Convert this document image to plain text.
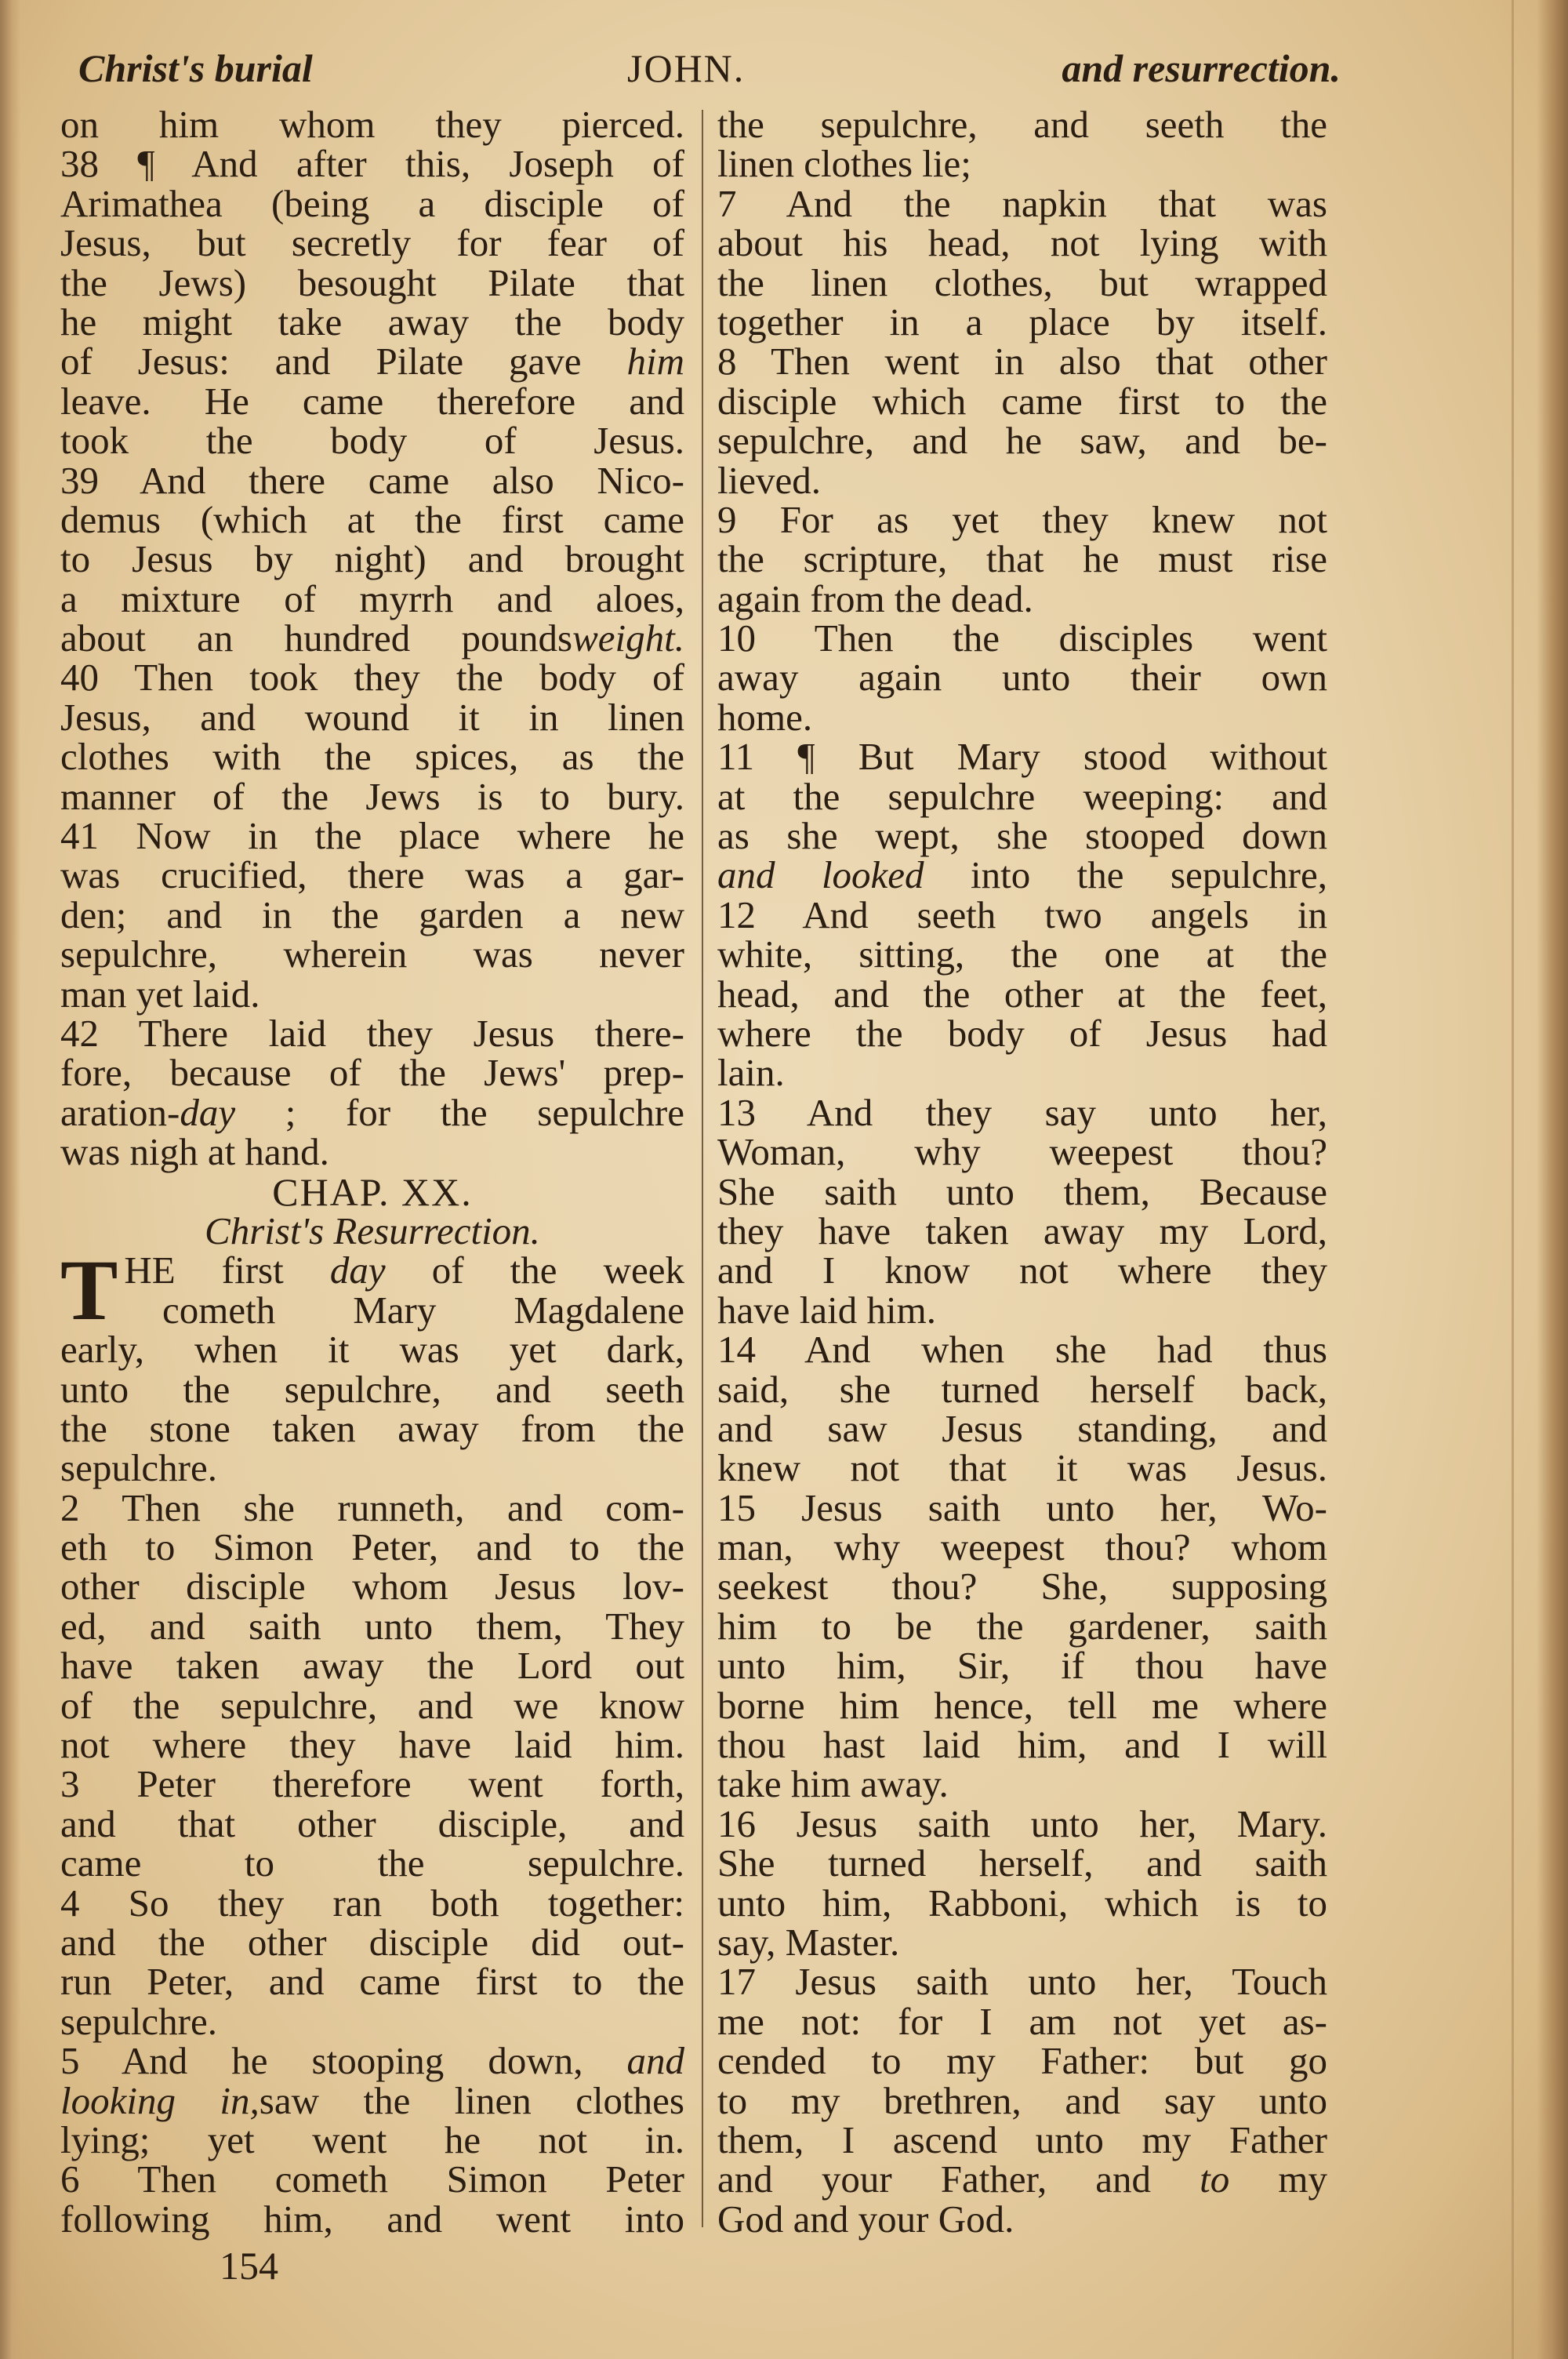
Christ's burial	JOHN.	and resurrection.
on him whom they pierced.
38 ¶ And after this, Joseph of
Arimathea (being a disciple of
Jesus, but secretly for fear of
the Jews) besought Pilate that
he might take away the body
of Jesus: and Pilate gave him
leave. He came therefore and
took the body of Jesus.
39 And there came also Nico-
demus (which at the first came
to Jesus by night) and brought
a mixture of myrrh and aloes,
about an hundred poundsweight.
40 Then took they the body of
Jesus, and wound it in linen
clothes with the spices, as the
manner of the Jews is to bury.
41 Now in the place where he
was crucified, there was a gar-
den; and in the garden a new
sepulchre, wherein was never
man yet laid.
42 There laid they Jesus there-
fore, because of the Jews' prep-
aration-day ; for the sepulchre
was nigh at hand.
CHAP. XX.
Christ's Resurrection.
THE first day of the week
cometh Mary Magdalene
early, when it was yet dark,
unto the sepulchre, and seeth
the stone taken away from the
sepulchre.
2 Then she runneth, and com-
eth to Simon Peter, and to the
other disciple whom Jesus lov-
ed, and saith unto them, They
have taken away the Lord out
of the sepulchre, and we know
not where they have laid him.
3 Peter therefore went forth,
and that other disciple, and
came to the sepulchre.
4 So they ran both together:
and the other disciple did out-
run Peter, and came first to the
sepulchre.
5 And he stooping down, and
looking in,saw the linen clothes
lying; yet went he not in.
6 Then cometh Simon Peter
following him, and went into
the sepulchre, and seeth the
linen clothes lie;
7 And the napkin that was
about his head, not lying with
the linen clothes, but wrapped
together in a place by itself.
8 Then went in also that other
disciple which came first to the
sepulchre, and he saw, and be-
lieved.
9 For as yet they knew not
the scripture, that he must rise
again from the dead.
10 Then the disciples went
away again unto their own
home.
11 ¶ But Mary stood without
at the sepulchre weeping: and
as she wept, she stooped down
and looked into the sepulchre,
12 And seeth two angels in
white, sitting, the one at the
head, and the other at the feet,
where the body of Jesus had
lain.
13 And they say unto her,
Woman, why weepest thou?
She saith unto them, Because
they have taken away my Lord,
and I know not where they
have laid him.
14 And when she had thus
said, she turned herself back,
and saw Jesus standing, and
knew not that it was Jesus.
15 Jesus saith unto her, Wo-
man, why weepest thou? whom
seekest thou? She, supposing
him to be the gardener, saith
unto him, Sir, if thou have
borne him hence, tell me where
thou hast laid him, and I will
take him away.
16 Jesus saith unto her, Mary.
She turned herself, and saith
unto him, Rabboni, which is to
say, Master.
17 Jesus saith unto her, Touch
me not: for I am not yet as-
cended to my Father: but go
to my brethren, and say unto
them, I ascend unto my Father
and your Father, and to my
God and your God.
154
